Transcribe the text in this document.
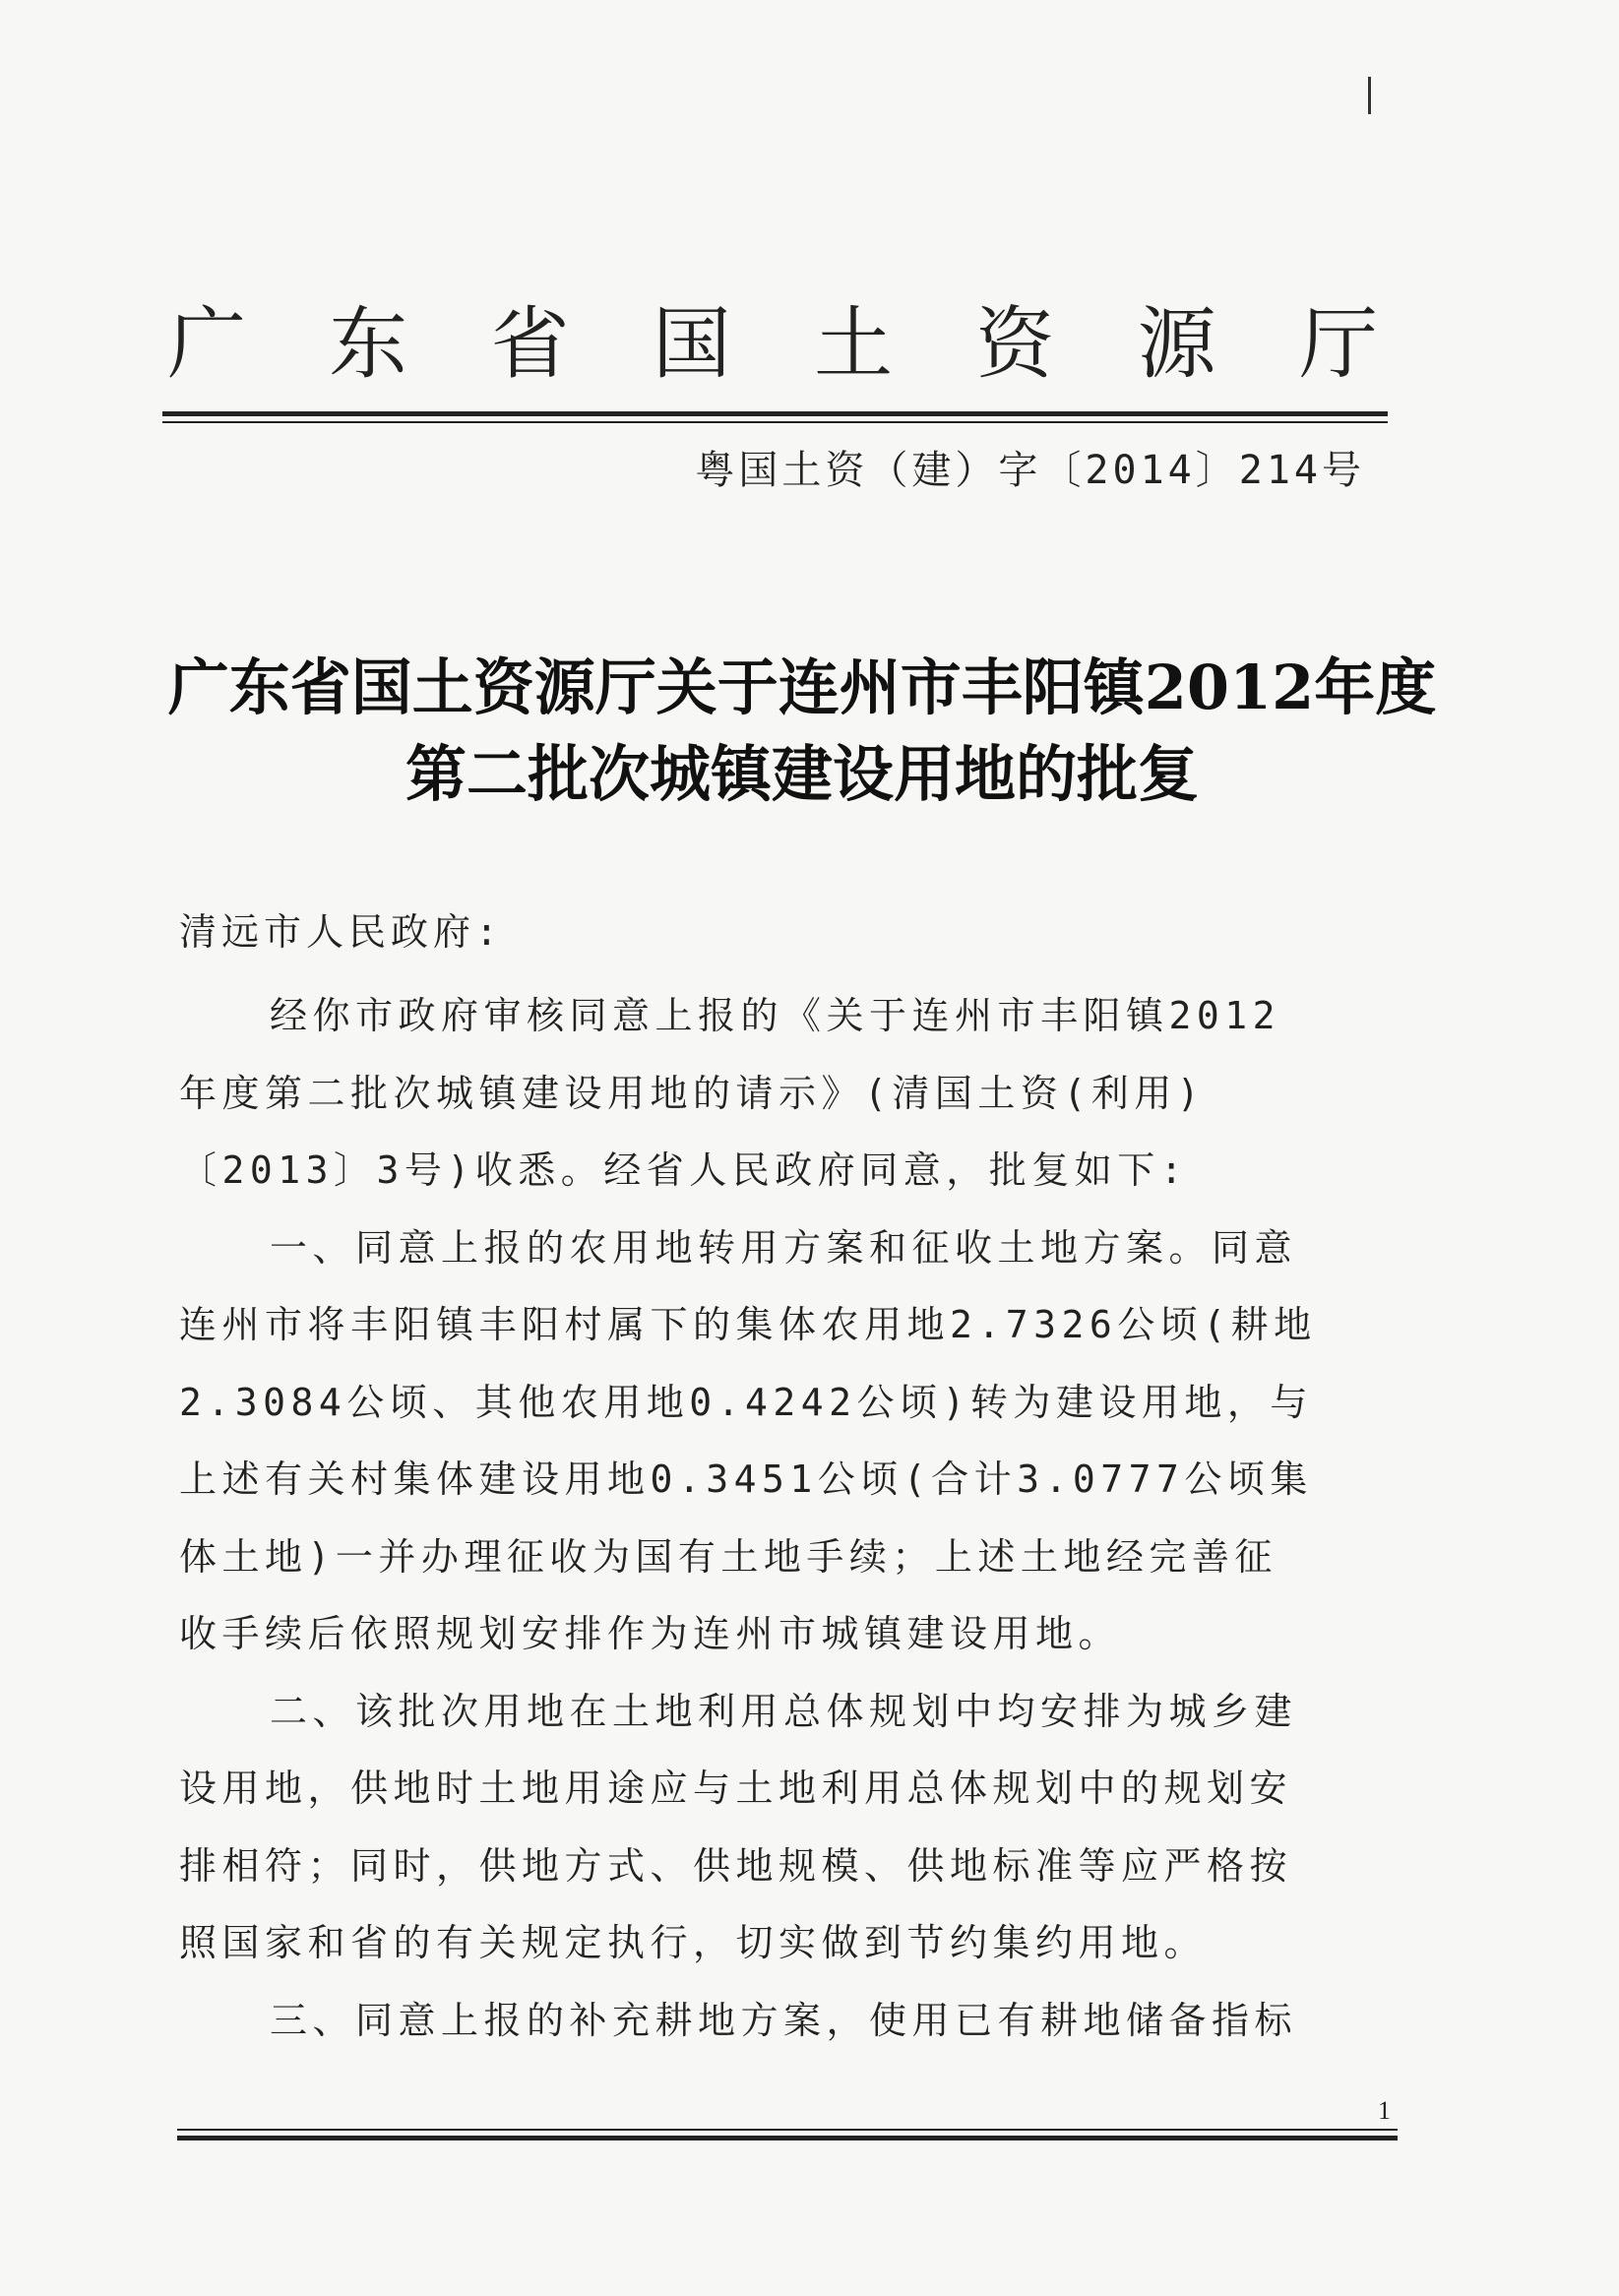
广 东 省 国 土 资 源 厅
粤国土资（建）字〔2014〕214号
广东省国土资源厅关于连州市丰阳镇2012年度
第二批次城镇建设用地的批复
清远市人民政府:
经你市政府审核同意上报的《关于连州市丰阳镇2012
年度第二批次城镇建设用地的请示》(清国土资(利用)
〔2013〕3号)收悉。经省人民政府同意，批复如下:
一、同意上报的农用地转用方案和征收土地方案。同意
连州市将丰阳镇丰阳村属下的集体农用地2.7326公顷(耕地
2.3084公顷、其他农用地0.4242公顷)转为建设用地，与
上述有关村集体建设用地0.3451公顷(合计3.0777公顷集
体土地)一并办理征收为国有土地手续；上述土地经完善征
收手续后依照规划安排作为连州市城镇建设用地。
二、该批次用地在土地利用总体规划中均安排为城乡建
设用地，供地时土地用途应与土地利用总体规划中的规划安
排相符；同时，供地方式、供地规模、供地标准等应严格按
照国家和省的有关规定执行，切实做到节约集约用地。
三、同意上报的补充耕地方案，使用已有耕地储备指标
1
